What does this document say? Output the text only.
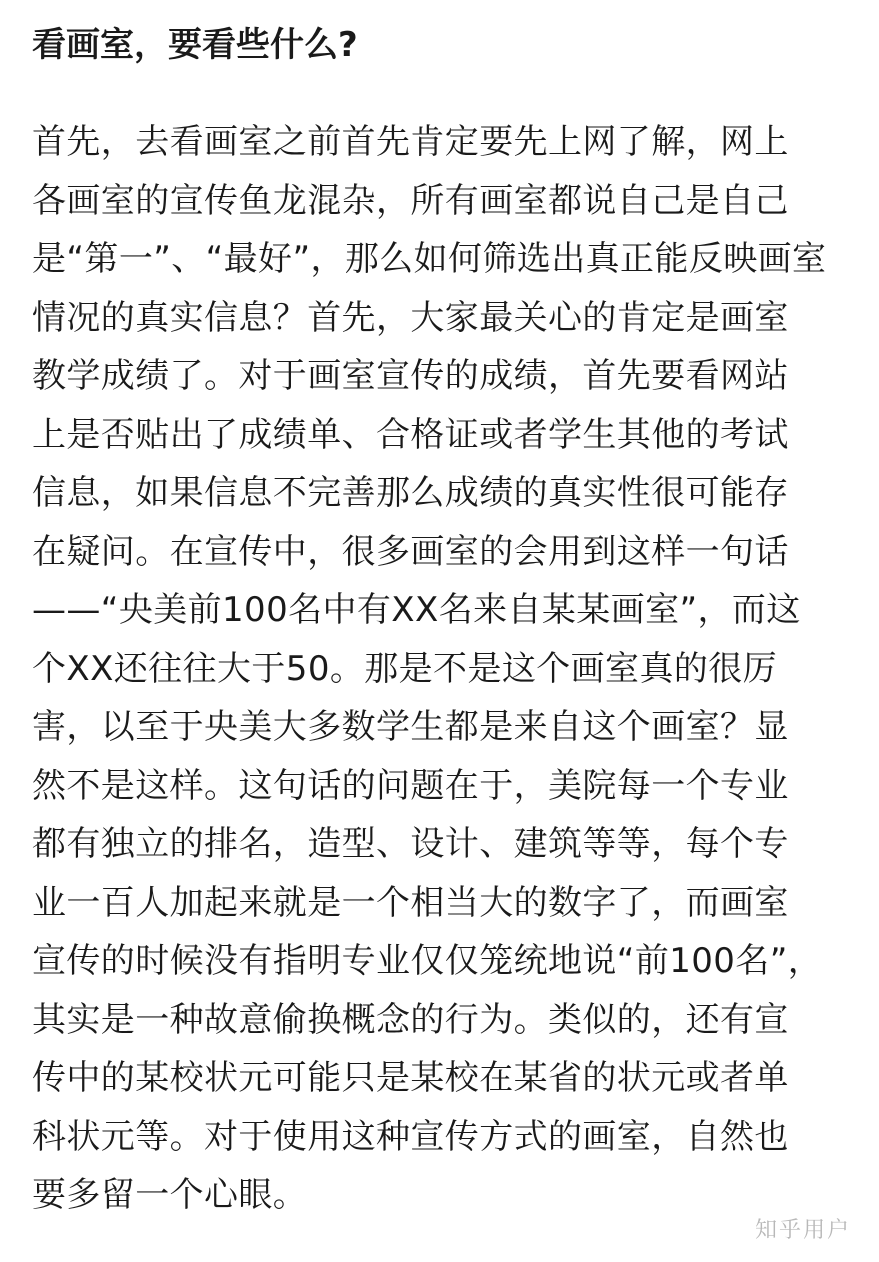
看画室，要看些什么?
首先，去看画室之前首先肯定要先上网了解，网上
各画室的宣传鱼龙混杂，所有画室都说自己是自己
是“第一”、“最好”，那么如何筛选出真正能反映画室
情况的真实信息？首先，大家最关心的肯定是画室
教学成绩了。对于画室宣传的成绩，首先要看网站
上是否贴出了成绩单、合格证或者学生其他的考试
信息，如果信息不完善那么成绩的真实性很可能存
在疑问。在宣传中，很多画室的会用到这样一句话
——“央美前100名中有XX名来自某某画室”，而这
个XX还往往大于50。那是不是这个画室真的很厉
害，以至于央美大多数学生都是来自这个画室？显
然不是这样。这句话的问题在于，美院每一个专业
都有独立的排名，造型、设计、建筑等等，每个专
业一百人加起来就是一个相当大的数字了，而画室
宣传的时候没有指明专业仅仅笼统地说“前100名”，
其实是一种故意偷换概念的行为。类似的，还有宣
传中的某校状元可能只是某校在某省的状元或者单
科状元等。对于使用这种宣传方式的画室，自然也
要多留一个心眼。
知乎用户
